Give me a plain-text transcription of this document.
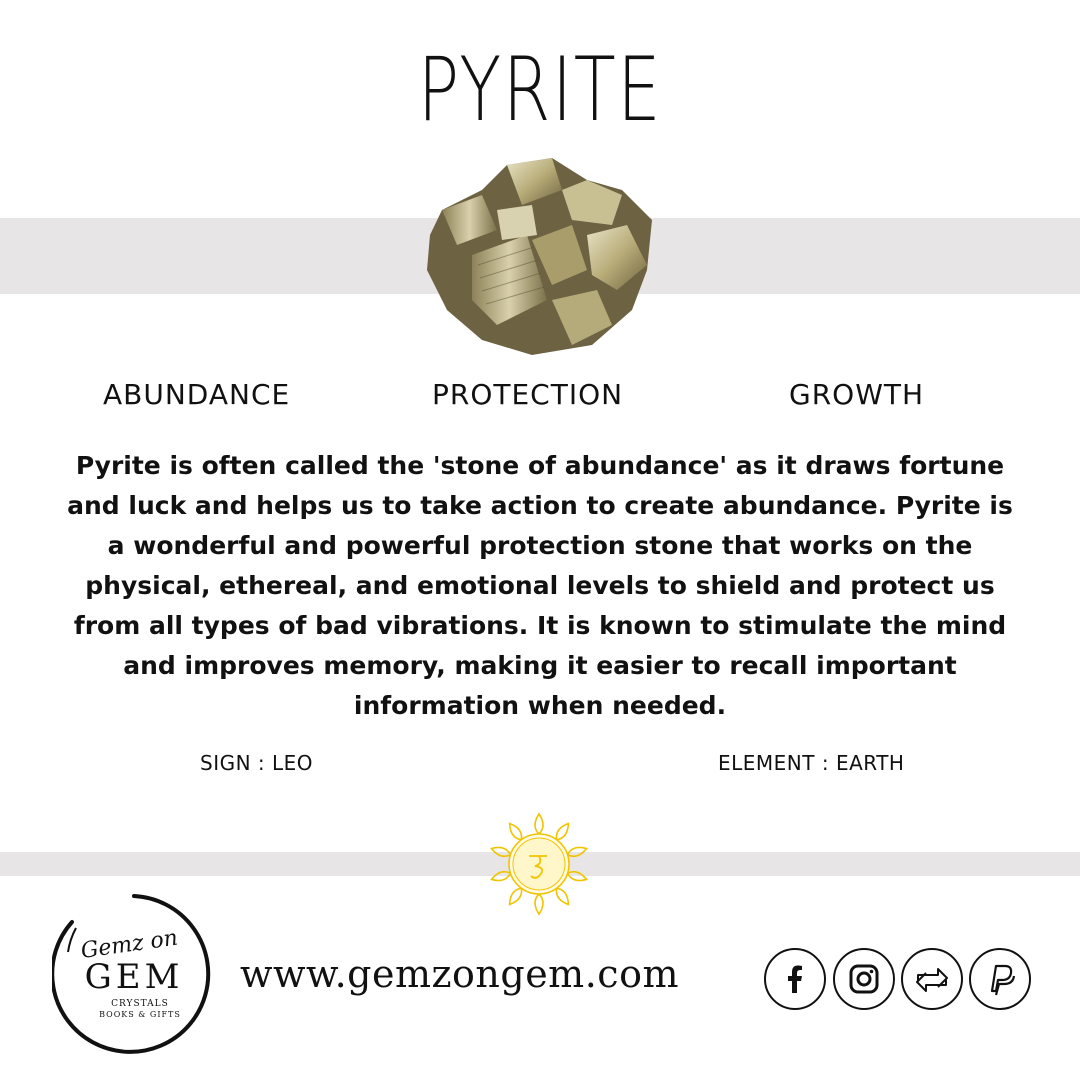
PYRITE
ABUNDANCE	PROTECTION	GROWTH
Pyrite is often called the 'stone of abundance' as it draws fortune and luck and helps us to take action to create abundance. Pyrite is a wonderful and powerful protection stone that works on the physical, ethereal, and emotional levels to shield and protect us from all types of bad vibrations. It is known to stimulate the mind and improves memory, making it easier to recall important information when needed.
SIGN : LEO	ELEMENT : EARTH
Gemz on
GEM
CRYSTALS
BOOKS & GIFTS
www.gemzongem.com
